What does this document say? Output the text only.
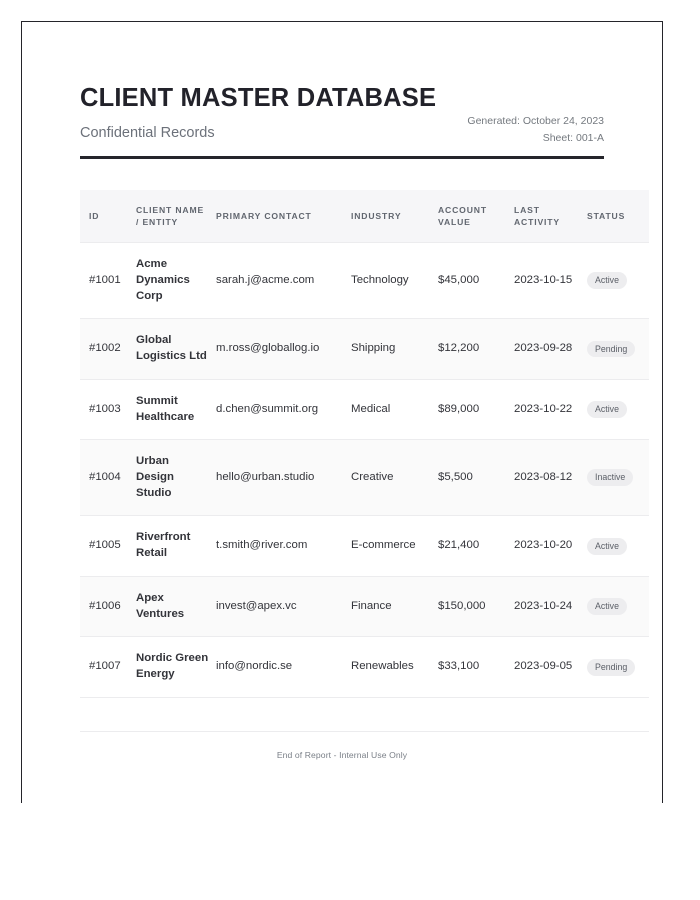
CLIENT MASTER DATABASE
Confidential Records
Generated: October 24, 2023
Sheet: 001-A
ID	CLIENT NAME / ENTITY	PRIMARY CONTACT	INDUSTRY	ACCOUNT VALUE	LAST ACTIVITY	STATUS
#1001	Acme Dynamics Corp	sarah.j@acme.com	Technology	$45,000	2023-10-15	Active
#1002	Global Logistics Ltd	m.ross@globallog.io	Shipping	$12,200	2023-09-28	Pending
#1003	Summit Healthcare	d.chen@summit.org	Medical	$89,000	2023-10-22	Active
#1004	Urban Design Studio	hello@urban.studio	Creative	$5,500	2023-08-12	Inactive
#1005	Riverfront Retail	t.smith@river.com	E-commerce	$21,400	2023-10-20	Active
#1006	Apex Ventures	invest@apex.vc	Finance	$150,000	2023-10-24	Active
#1007	Nordic Green Energy	info@nordic.se	Renewables	$33,100	2023-09-05	Pending

End of Report - Internal Use Only
